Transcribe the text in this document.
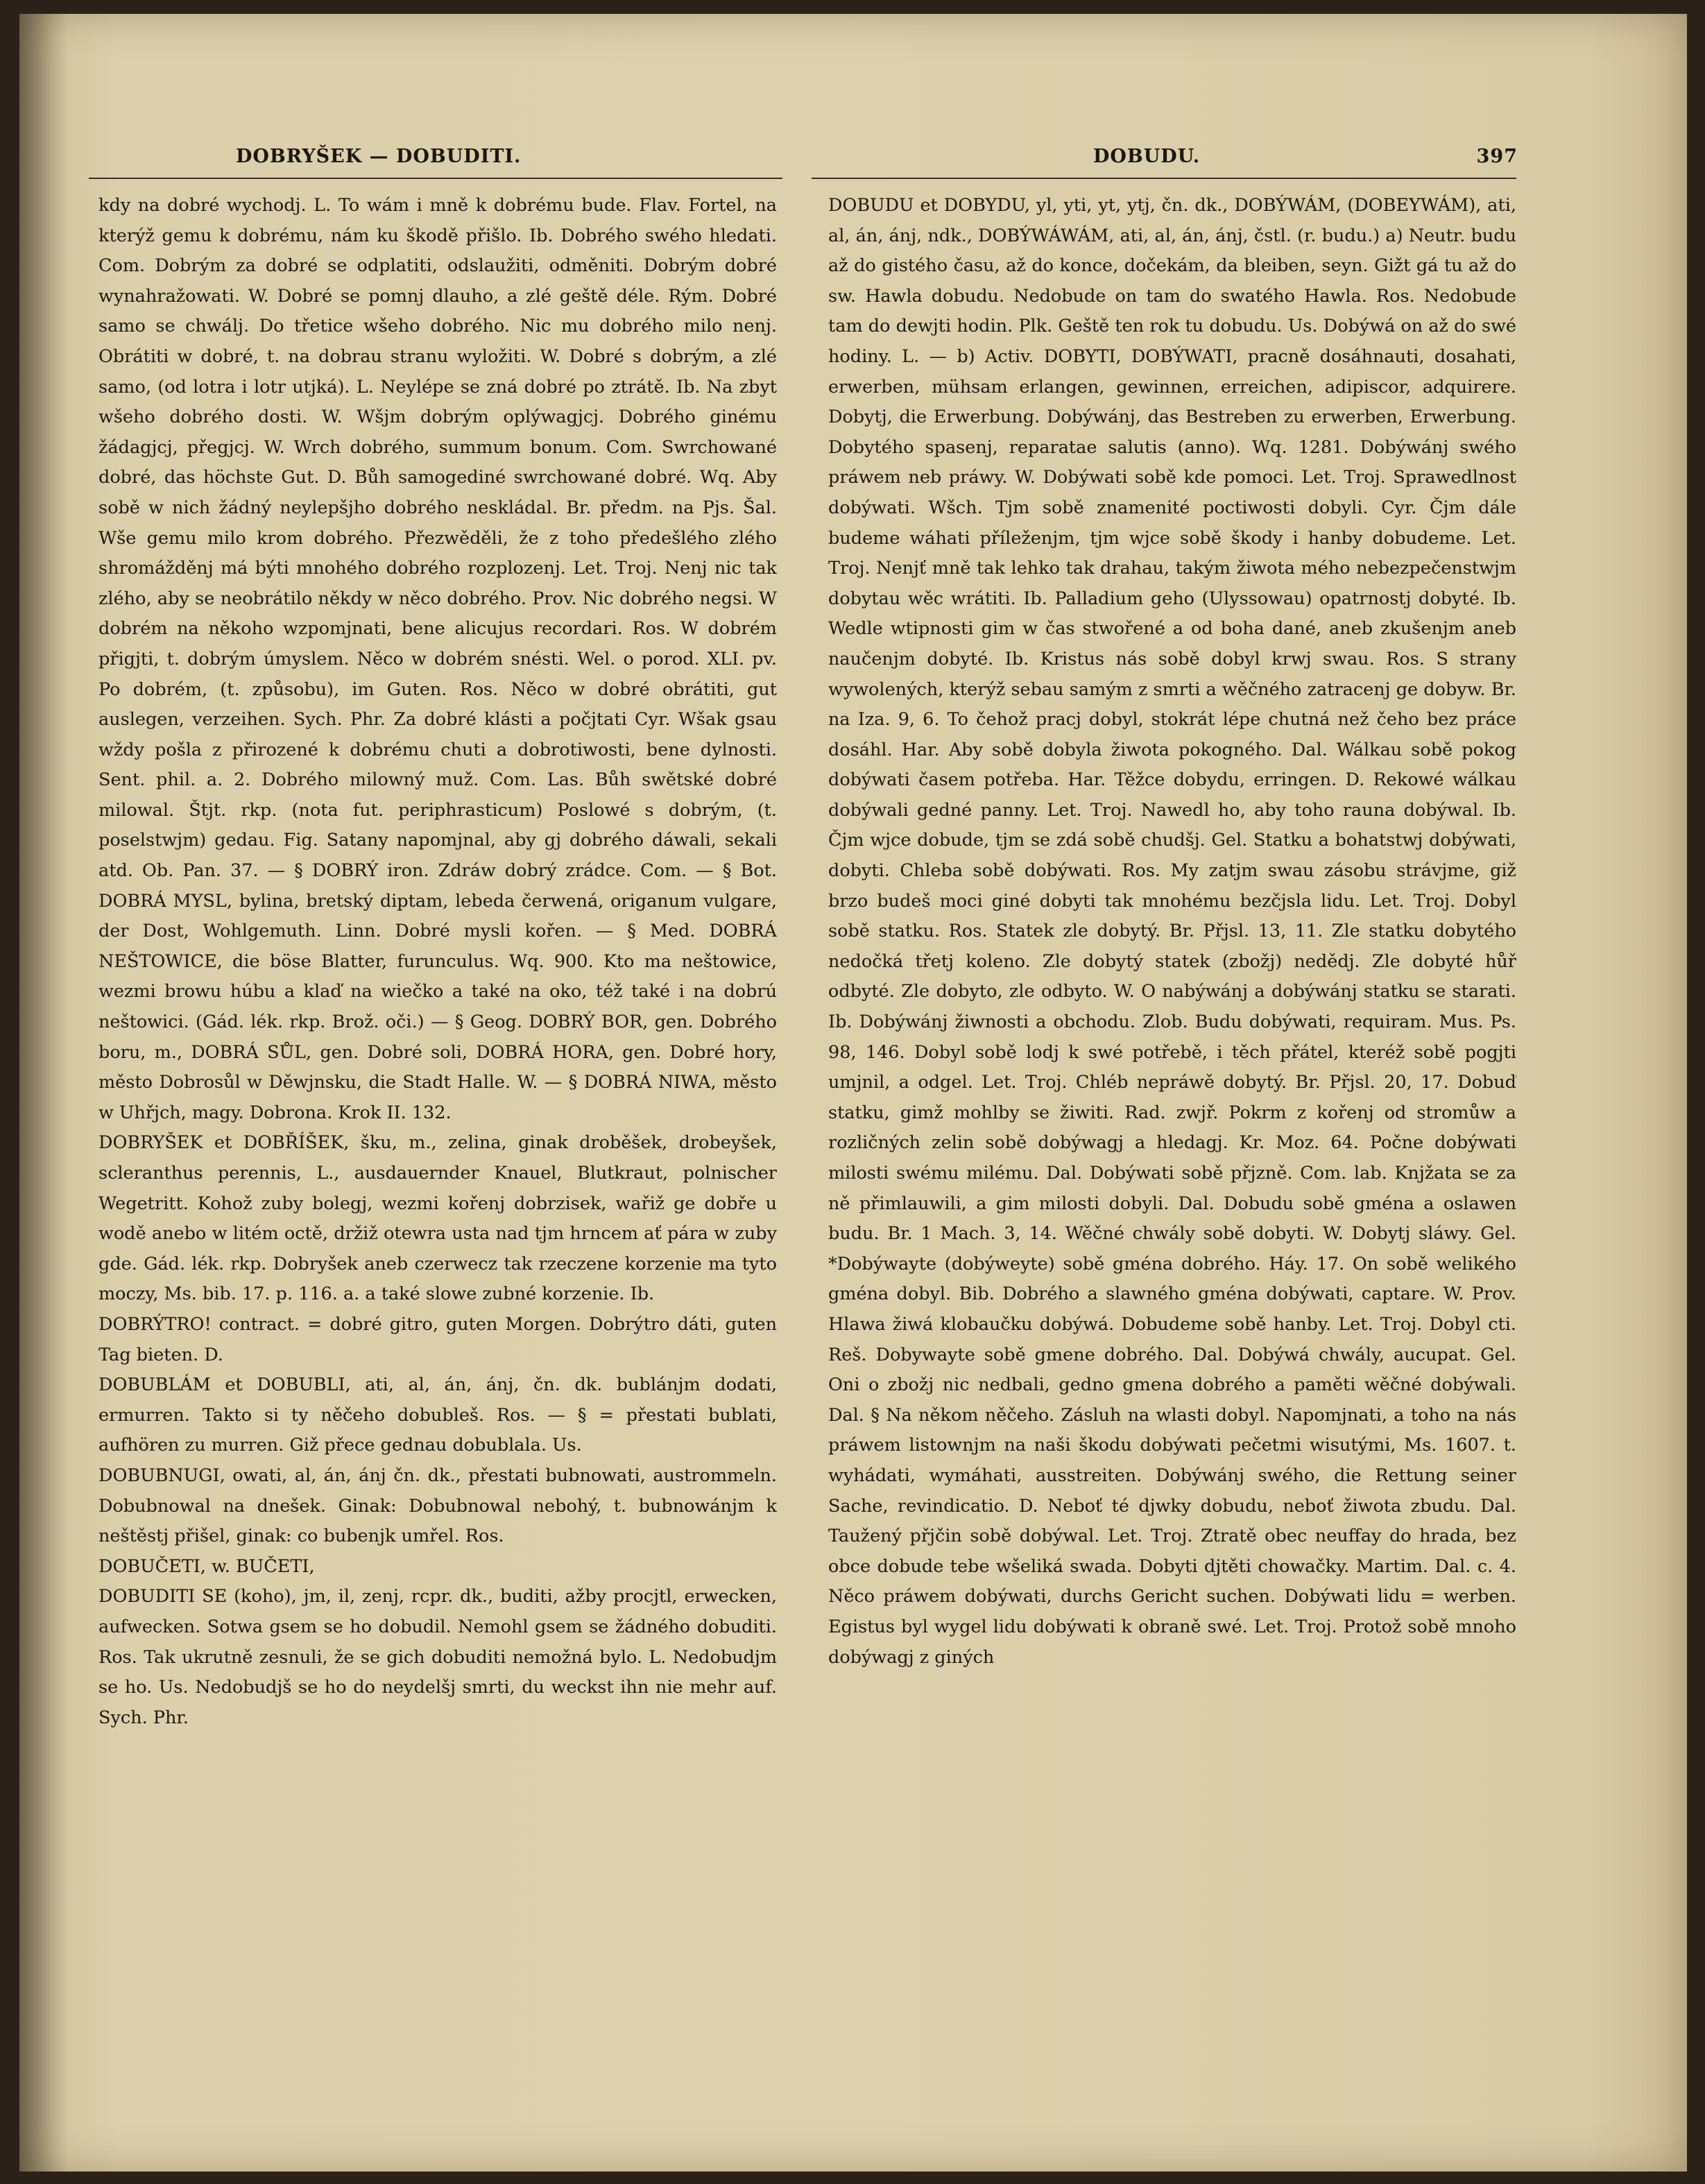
DOBRYŠEK — DOBUDITI.	DOBUDU.	397

kdy na dobré wychodj. L. To wám i mně k dobrému bude. Flav. Fortel, na kterýž gemu k dobrému, nám ku škodě přišlo. Ib. Dobrého swého hledati. Com. Dobrým za dobré se odplatiti, odslaužiti, odměniti. Dobrým dobré wynahražowati. W. Dobré se pomnj dlauho, a zlé geště déle. Rým. Dobré samo se chwálj. Do třetice wšeho dobrého. Nic mu dobrého milo nenj. Obrátiti w dobré, t. na dobrau stranu wyložiti. W. Dobré s dobrým, a zlé samo, (od lotra i lotr utjká). L. Neylépe se zná dobré po ztrátě. Ib. Na zbyt wšeho dobrého dosti. W. Wšjm dobrým oplýwagjcj. Dobrého ginému žádagjcj, přegjcj. W. Wrch dobrého, summum bonum. Com. Swrchowané dobré, das höchste Gut. D. Bůh samogediné swrchowané dobré. Wq. Aby sobě w nich žádný neylepšjho dobrého neskládal. Br. předm. na Pjs. Šal. Wše gemu milo krom dobrého. Přezwěděli, že z toho předešlého zlého shromážděnj má býti mnohého dobrého rozplozenj. Let. Troj. Nenj nic tak zlého, aby se neobrátilo někdy w něco dobrého. Prov. Nic dobrého negsi. W dobrém na někoho wzpomjnati, bene alicujus recordari. Ros. W dobrém přigjti, t. dobrým úmyslem. Něco w dobrém snésti. Wel. o porod. XLI. pv. Po dobrém, (t. způsobu), im Guten. Ros. Něco w dobré obrátiti, gut auslegen, verzeihen. Sych. Phr. Za dobré klásti a počjtati Cyr. Wšak gsau wždy pošla z přirozené k dobrému chuti a dobrotiwosti, bene dylnosti. Sent. phil. a. 2. Dobrého milowný muž. Com. Las. Bůh swětské dobré milowal. Štjt. rkp. (nota fut. periphrasticum) Poslowé s dobrým, (t. poselstwjm) gedau. Fig. Satany napomjnal, aby gj dobrého dáwali, sekali atd. Ob. Pan. 37. — § DOBRÝ iron. Zdráw dobrý zrádce. Com. — § Bot. DOBRÁ MYSL, bylina, bretský diptam, lebeda čerwená, origanum vulgare, der Dost, Wohlgemuth. Linn. Dobré mysli kořen. — § Med. DOBRÁ NEŠTOWICE, die böse Blatter, furunculus. Wq. 900. Kto ma neštowice, wezmi browu húbu a klaď na wiečko a také na oko, též také i na dobrú neštowici. (Gád. lék. rkp. Brož. oči.) — § Geog. DOBRÝ BOR, gen. Dobrého boru, m., DOBRÁ SŮL, gen. Dobré soli, DOBRÁ HORA, gen. Dobré hory, město Dobrosůl w Děwjnsku, die Stadt Halle. W. — § DOBRÁ NIWA, město w Uhřjch, magy. Dobrona. Krok II. 132.

DOBRYŠEK et DOBŘÍŠEK, šku, m., zelina, ginak droběšek, drobeyšek, scleranthus perennis, L., ausdauernder Knauel, Blutkraut, polnischer Wegetritt. Kohož zuby bolegj, wezmi kořenj dobrzisek, wařiž ge dobře u wodě anebo w litém octě, držiž otewra usta nad tjm hrncem ať pára w zuby gde. Gád. lék. rkp. Dobryšek aneb czerwecz tak rzeczene korzenie ma tyto moczy, Ms. bib. 17. p. 116. a. a také slowe zubné korzenie. Ib.

DOBRÝTRO! contract. = dobré gitro, guten Morgen. Dobrýtro dáti, guten Tag bieten. D.

DOBUBLÁM et DOBUBLI, ati, al, án, ánj, čn. dk. bublánjm dodati, ermurren. Takto si ty něčeho dobubleš. Ros. — § = přestati bublati, aufhören zu murren. Giž přece gednau dobublala. Us.

DOBUBNUGI, owati, al, án, ánj čn. dk., přestati bubnowati, austrommeln. Dobubnowal na dnešek. Ginak: Dobubnowal nebohý, t. bubnowánjm k neštěstj přišel, ginak: co bubenjk umřel. Ros.

DOBUČETI, w. BUČETI,

DOBUDITI SE (koho), jm, il, zenj, rcpr. dk., buditi, ažby procjtl, erwecken, aufwecken. Sotwa gsem se ho dobudil. Nemohl gsem se žádného dobuditi. Ros. Tak ukrutně zesnuli, že se gich dobuditi nemožná bylo. L. Nedobudjm se ho. Us. Nedobudjš se ho do neydelšj smrti, du weckst ihn nie mehr auf. Sych. Phr.

DOBUDU et DOBYDU, yl, yti, yt, ytj, čn. dk., DOBÝWÁM, (DOBEYWÁM), ati, al, án, ánj, ndk., DOBÝWÁWÁM, ati, al, án, ánj, čstl. (r. budu.) a) Neutr. budu až do gistého času, až do konce, dočekám, da bleiben, seyn. Gižt gá tu až do sw. Hawla dobudu. Nedobude on tam do swatého Hawla. Ros. Nedobude tam do dewjti hodin. Plk. Geště ten rok tu dobudu. Us. Dobýwá on až do swé hodiny. L. — b) Activ. DOBYTI, DOBÝWATI, pracně dosáhnauti, dosahati, erwerben, mühsam erlangen, gewinnen, erreichen, adipiscor, adquirere. Dobytj, die Erwerbung. Dobýwánj, das Bestreben zu erwerben, Erwerbung. Dobytého spasenj, reparatae salutis (anno). Wq. 1281. Dobýwánj swého práwem neb práwy. W. Dobýwati sobě kde pomoci. Let. Troj. Sprawedlnost dobýwati. Wšch. Tjm sobě znamenité poctiwosti dobyli. Cyr. Čjm dále budeme wáhati příleženjm, tjm wjce sobě škody i hanby dobudeme. Let. Troj. Nenjť mně tak lehko tak drahau, takým žiwota mého nebezpečenstwjm dobytau wěc wrátiti. Ib. Palladium geho (Ulyssowau) opatrnostj dobyté. Ib. Wedle wtipnosti gim w čas stwořené a od boha dané, aneb zkušenjm aneb naučenjm dobyté. Ib. Kristus nás sobě dobyl krwj swau. Ros. S strany wywolených, kterýž sebau samým z smrti a wěčného zatracenj ge dobyw. Br. na Iza. 9, 6. To čehož pracj dobyl, stokrát lépe chutná než čeho bez práce dosáhl. Har. Aby sobě dobyla žiwota pokogného. Dal. Wálkau sobě pokog dobýwati časem potřeba. Har. Těžce dobydu, erringen. D. Rekowé wálkau dobýwali gedné panny. Let. Troj. Nawedl ho, aby toho rauna dobýwal. Ib. Čjm wjce dobude, tjm se zdá sobě chudšj. Gel. Statku a bohatstwj dobýwati, dobyti. Chleba sobě dobýwati. Ros. My zatjm swau zásobu strávjme, giž brzo budeš moci giné dobyti tak mnohému bezčjsla lidu. Let. Troj. Dobyl sobě statku. Ros. Statek zle dobytý. Br. Přjsl. 13, 11. Zle statku dobytého nedočká třetj koleno. Zle dobytý statek (zbožj) nedědj. Zle dobyté hůř odbyté. Zle dobyto, zle odbyto. W. O nabýwánj a dobýwánj statku se starati. Ib. Dobýwánj žiwnosti a obchodu. Zlob. Budu dobýwati, requiram. Mus. Ps. 98, 146. Dobyl sobě lodj k swé potřebě, i těch přátel, kteréž sobě pogjti umjnil, a odgel. Let. Troj. Chléb nepráwě dobytý. Br. Přjsl. 20, 17. Dobuď statku, gimž mohlby se žiwiti. Rad. zwjř. Pokrm z kořenj od stromůw a rozličných zelin sobě dobýwagj a hledagj. Kr. Moz. 64. Počne dobýwati milosti swému milému. Dal. Dobýwati sobě přjzně. Com. lab. Knjžata se za ně přimlauwili, a gim milosti dobyli. Dal. Dobudu sobě gména a oslawen budu. Br. 1 Mach. 3, 14. Wěčné chwály sobě dobyti. W. Dobytj sláwy. Gel. *Dobýwayte (dobýweyte) sobě gména dobrého. Háy. 17. On sobě welikého gména dobyl. Bib. Dobrého a slawného gména dobýwati, captare. W. Prov. Hlawa žiwá klobaučku dobýwá. Dobudeme sobě hanby. Let. Troj. Dobyl cti. Reš. Dobywayte sobě gmene dobrého. Dal. Dobýwá chwály, aucupat. Gel. Oni o zbožj nic nedbali, gedno gmena dobrého a paměti wěčné dobýwali. Dal. § Na někom něčeho. Zásluh na wlasti dobyl. Napomjnati, a toho na nás práwem listownjm na naši škodu dobýwati pečetmi wisutými, Ms. 1607. t. wyhádati, wymáhati, ausstreiten. Dobýwánj swého, die Rettung seiner Sache, revindicatio. D. Neboť té djwky dobudu, neboť žiwota zbudu. Dal. Taužený přjčin sobě dobýwal. Let. Troj. Ztratě obec neuffay do hrada, bez obce dobude tebe wšeliká swada. Dobyti djtěti chowačky. Martim. Dal. c. 4. Něco práwem dobýwati, durchs Gericht suchen. Dobýwati lidu = werben. Egistus byl wygel lidu dobýwati k obraně swé. Let. Troj. Protož sobě mnoho dobýwagj z giných
